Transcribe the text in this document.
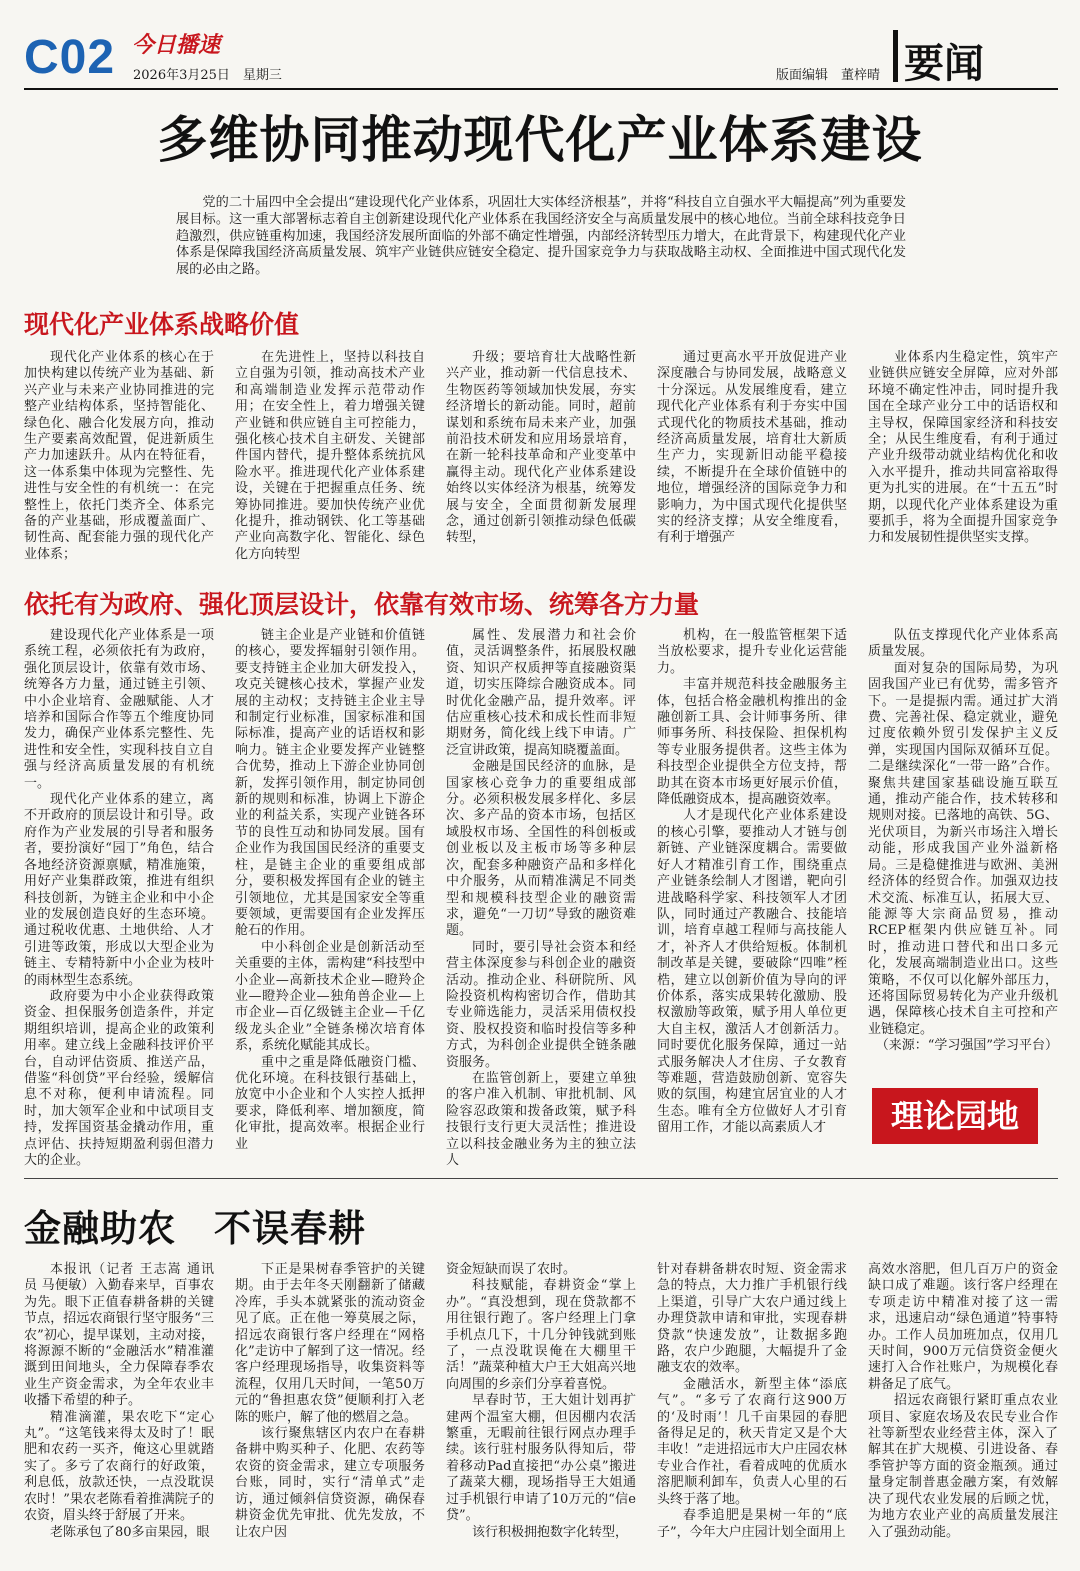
C02 今日播速
2026年3月25日　星期三	版面编辑　董梓晴 要闻
多维协同推动现代化产业体系建设
党的二十届四中全会提出“建设现代化产业体系，巩固壮大实体经济根基”，并将“科技自立自强水平大幅提高”列为重要发展目标。这一重大部署标志着自主创新建设现代化产业体系在我国经济安全与高质量发展中的核心地位。当前全球科技竞争日趋激烈，供应链重构加速，我国经济发展所面临的外部不确定性增强，内部经济转型压力增大，在此背景下，构建现代化产业体系是保障我国经济高质量发展、筑牢产业链供应链安全稳定、提升国家竞争力与获取战略主动权、全面推进中国式现代化发展的必由之路。
现代化产业体系战略价值

现代化产业体系的核心在于加快构建以传统产业为基础、新兴产业与未来产业协同推进的完整产业结构体系，坚持智能化、绿色化、融合化发展方向，推动生产要素高效配置，促进新质生产力加速跃升。从内在特征看，这一体系集中体现为完整性、先进性与安全性的有机统一：在完整性上，依托门类齐全、体系完备的产业基础，形成覆盖面广、韧性高、配套能力强的现代化产业体系；

在先进性上，坚持以科技自立自强为引领，推动高技术产业和高端制造业发挥示范带动作用；在安全性上，着力增强关键产业链和供应链自主可控能力，强化核心技术自主研发、关键部件国内替代，提升整体系统抗风险水平。推进现代化产业体系建设，关键在于把握重点任务、统筹协同推进。要加快传统产业优化提升，推动钢铁、化工等基础产业向高数字化、智能化、绿色化方向转型

升级；要培育壮大战略性新兴产业，推动新一代信息技术、生物医药等领域加快发展，夯实经济增长的新动能。同时，超前谋划和系统布局未来产业，加强前沿技术研发和应用场景培育，在新一轮科技革命和产业变革中赢得主动。现代化产业体系建设始终以实体经济为根基，统筹发展与安全，全面贯彻新发展理念，通过创新引领推动绿色低碳转型，

通过更高水平开放促进产业深度融合与协同发展，战略意义十分深远。从发展维度看，建立现代化产业体系有利于夯实中国式现代化的物质技术基础，推动经济高质量发展，培育壮大新质生产力，实现新旧动能平稳接续，不断提升在全球价值链中的地位，增强经济的国际竞争力和影响力，为中国式现代化提供坚实的经济支撑；从安全维度看，有利于增强产

业体系内生稳定性，筑牢产业链供应链安全屏障，应对外部环境不确定性冲击，同时提升我国在全球产业分工中的话语权和主导权，保障国家经济和科技安全；从民生维度看，有利于通过产业升级带动就业结构优化和收入水平提升，推动共同富裕取得更为扎实的进展。在“十五五”时期，以现代化产业体系建设为重要抓手，将为全面提升国家竞争力和发展韧性提供坚实支撑。

依托有为政府、强化顶层设计，依靠有效市场、统筹各方力量

建设现代化产业体系是一项系统工程，必须依托有为政府，强化顶层设计，依靠有效市场、统筹各方力量，通过链主引领、中小企业培育、金融赋能、人才培养和国际合作等五个维度协同发力，确保产业体系完整性、先进性和安全性，实现科技自立自强与经济高质量发展的有机统一。

现代化产业体系的建立，离不开政府的顶层设计和引导。政府作为产业发展的引导者和服务者，要扮演好“园丁”角色，结合各地经济资源禀赋，精准施策，用好产业集群政策，推进有组织科技创新，为链主企业和中小企业的发展创造良好的生态环境。通过税收优惠、土地供给、人才引进等政策，形成以大型企业为链主、专精特新中小企业为枝叶的雨林型生态系统。

政府要为中小企业获得政策资金、担保服务创造条件，并定期组织培训，提高企业的政策利用率。建立线上金融科技评价平台，自动评估资质、推送产品，借鉴“科创贷”平台经验，缓解信息不对称，便利申请流程。同时，加大领军企业和中试项目支持，发挥国资基金撬动作用，重点评估、扶持短期盈利弱但潜力大的企业。

链主企业是产业链和价值链的核心，要发挥辐射引领作用。要支持链主企业加大研发投入，攻克关键核心技术，掌握产业发展的主动权；支持链主企业主导和制定行业标准，国家标准和国际标准，提高产业的话语权和影响力。链主企业要发挥产业链整合优势，推动上下游企业协同创新，发挥引领作用，制定协同创新的规则和标准，协调上下游企业的利益关系，实现产业链各环节的良性互动和协同发展。国有企业作为我国国民经济的重要支柱，是链主企业的重要组成部分，要积极发挥国有企业的链主引领地位，尤其是国家安全等重要领域，更需要国有企业发挥压舱石的作用。

中小科创企业是创新活动至关重要的主体，需构建“科技型中小企业—高新技术企业—瞪羚企业—瞪羚企业—独角兽企业—上市企业—百亿级链主企业—千亿级龙头企业”全链条梯次培育体系，系统化赋能其成长。

重中之重是降低融资门槛、优化环境。在科技银行基础上，放宽中小企业和个人实控人抵押要求，降低利率、增加额度，简化审批，提高效率。根据企业行业

属性、发展潜力和社会价值，灵活调整条件，拓展股权融资、知识产权质押等直接融资渠道，切实压降综合融资成本。同时优化金融产品，提升效率。评估应重核心技术和成长性而非短期财务，简化线上线下申请。广泛宣讲政策，提高知晓覆盖面。

金融是国民经济的血脉，是国家核心竞争力的重要组成部分。必须积极发展多样化、多层次、多产品的资本市场，包括区域股权市场、全国性的科创板或创业板以及主板市场等多种层次，配套多种融资产品和多样化中介服务，从而精准满足不同类型和规模科技型企业的融资需求，避免“一刀切”导致的融资难题。

同时，要引导社会资本和经营主体深度参与科创企业的融资活动。推动企业、科研院所、风险投资机构构密切合作，借助其专业筛选能力，灵活采用债权投资、股权投资和临时投信等多种方式，为科创企业提供全链条融资服务。

在监管创新上，要建立单独的客户准入机制、审批机制、风险容忍政策和拨备政策，赋予科技银行支行更大灵活性；推进设立以科技金融业务为主的独立法人

机构，在一般监管框架下适当放松要求，提升专业化运营能力。

丰富并规范科技金融服务主体，包括合格金融机构推出的金融创新工具、会计师事务所、律师事务所、科技保险、担保机构等专业服务提供者。这些主体为科技型企业提供全方位支持，帮助其在资本市场更好展示价值，降低融资成本，提高融资效率。

人才是现代化产业体系建设的核心引擎，要推动人才链与创新链、产业链深度耦合。需要做好人才精准引育工作，围绕重点产业链条绘制人才图谱，靶向引进战略科学家、科技领军人才团队，同时通过产教融合、技能培训，培育卓越工程师与高技能人才，补齐人才供给短板。体制机制改革是关键，要破除“四唯”桎梏，建立以创新价值为导向的评价体系，落实成果转化激励、股权激励等政策，赋予用人单位更大自主权，激活人才创新活力。同时要优化服务保障，通过一站式服务解决人才住房、子女教育等难题，营造鼓励创新、宽容失败的氛围，构建宜居宜业的人才生态。唯有全方位做好人才引育留用工作，才能以高素质人才

队伍支撑现代化产业体系高质量发展。

面对复杂的国际局势，为巩固我国产业已有优势，需多管齐下。一是提振内需。通过扩大消费、完善社保、稳定就业，避免过度依赖外贸引发保护主义反弹，实现国内国际双循环互促。二是继续深化“一带一路”合作。聚焦共建国家基础设施互联互通，推动产能合作，技术转移和规则对接。已落地的高铁、5G、光伏项目，为新兴市场注入增长动能，形成我国产业外溢新格局。三是稳健推进与欧洲、美洲经济体的经贸合作。加强双边技术交流、标准互认，拓展大豆、能源等大宗商品贸易，推动RCEP框架内供应链互补。同时，推动进口替代和出口多元化，发展高端制造业出口。这些策略，不仅可以化解外部压力，还将国际贸易转化为产业升级机遇，保障核心技术自主可控和产业链稳定。

（来源：“学习强国”学习平台）

理论园地
金融助农　不误春耕

本报讯（记者 王志嵩 通讯员 马便敏）入勤春来早，百事农为先。眼下正值春耕备耕的关键节点，招远农商银行坚守服务“三农”初心，提早谋划，主动对接，将源源不断的“金融活水”精准灌溉到田间地头，全力保障春季农业生产资金需求，为全年农业丰收播下希望的种子。

精准滴灌，果农吃下“定心丸”。“这笔钱来得太及时了！眠肥和农药一买齐，俺这心里就踏实了。多亏了农商行的好政策，利息低，放款还快，一点没耽误农时！”果农老陈看着推满院子的农资，眉头终于舒展了开来。

老陈承包了80多亩果园，眼

下正是果树春季管护的关键期。由于去年冬天刚翻新了储藏冷库，手头本就紧张的流动资金见了底。正在他一筹莫展之际，招远农商银行客户经理在“网格化”走访中了解到了这一情况。经客户经理现场指导，收集资料等流程，仅用几天时间，一笔50万元的“鲁担惠农贷”便顺利打入老陈的账户，解了他的燃眉之急。

该行聚焦辖区内农户在春耕备耕中购买种子、化肥、农药等农资的资金需求，建立专项服务台账，同时，实行“清单式”走访，通过倾斜信贷资源，确保春耕资金优先审批、优先发放，不让农户因

资金短缺而误了农时。

科技赋能，春耕资金“掌上办”。“真没想到，现在贷款都不用往银行跑了。客户经理上门拿手机点几下，十几分钟钱就到账了，一点没耽误俺在大棚里干活！”蔬菜种植大户王大姐高兴地向周围的乡亲们分享着喜悦。

早春时节，王大姐计划再扩建两个温室大棚，但因棚内农活繁重，无暇前往银行网点办理手续。该行驻村服务队得知后，带着移动Pad直接把“办公桌”搬进了蔬菜大棚，现场指导王大姐通过手机银行申请了10万元的“信e贷”。

该行积极拥抱数字化转型，

针对春耕备耕农时短、资金需求急的特点，大力推广手机银行线上渠道，引导广大农户通过线上办理贷款申请和审批，实现春耕贷款“快速发放”，让数据多跑路，农户少跑腿，大幅提升了金融支农的效率。

金融活水，新型主体“添底气”。“多亏了农商行这900万的‘及时雨’！几千亩果园的春肥备得足足的，秋天肯定又是个大丰收！”走进招远市大户庄园农林专业合作社，看着成吨的优质水溶肥顺利卸车，负责人心里的石头终于落了地。

春季追肥是果树一年的“底子”，今年大户庄园计划全面用上

高效水溶肥，但几百万户的资金缺口成了难题。该行客户经理在专项走访中精准对接了这一需求，迅速启动“绿色通道”特事特办。工作人员加班加点，仅用几天时间，900万元信贷资金便火速打入合作社账户，为规模化春耕备足了底气。

招远农商银行紧盯重点农业项目、家庭农场及农民专业合作社等新型农业经营主体，深入了解其在扩大规模、引进设备、春季管护等方面的资金瓶颈。通过量身定制普惠金融方案，有效解决了现代农业发展的后顾之忧，为地方农业产业的高质量发展注入了强劲动能。
